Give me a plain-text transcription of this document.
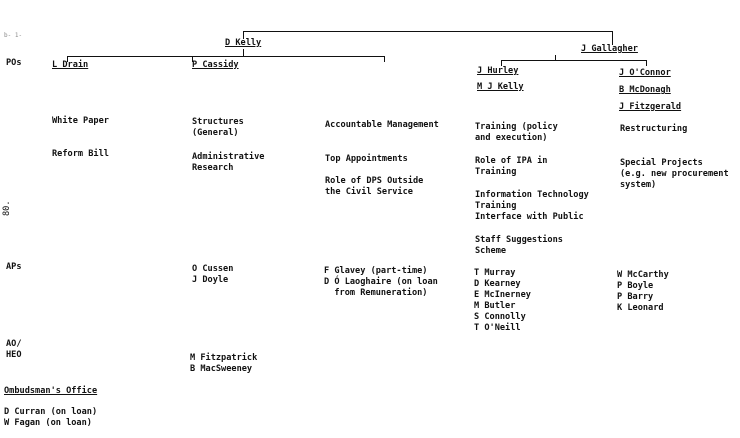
b- 1-
80.
D Kelly
J Gallagher
POs
APs
AO/
HEO
L Drain	P Cassidy
J Hurley
M J Kelly
J O'Connor
B McDonagh
J Fitzgerald
White Paper

Reform Bill
Structures
(General)
Administrative
Research
Accountable Management
Top Appointments

Role of DPS Outside
the Civil Service
Training (policy
and execution)
Role of IPA in
Training
Information Technology
Training
Interface with Public
Staff Suggestions
Scheme
Restructuring
Special Projects
(e.g. new procurement
system)
O Cussen
J Doyle
F Glavey (part-time)
D Ó Laoghaire (on loan
from Remuneration)
T Murray
D Kearney
E McInerney
M Butler
S Connolly
T O'Neill
W McCarthy
P Boyle
P Barry
K Leonard
M Fitzpatrick
B MacSweeney
Ombudsman's Office
D Curran (on loan)
W Fagan (on loan)
